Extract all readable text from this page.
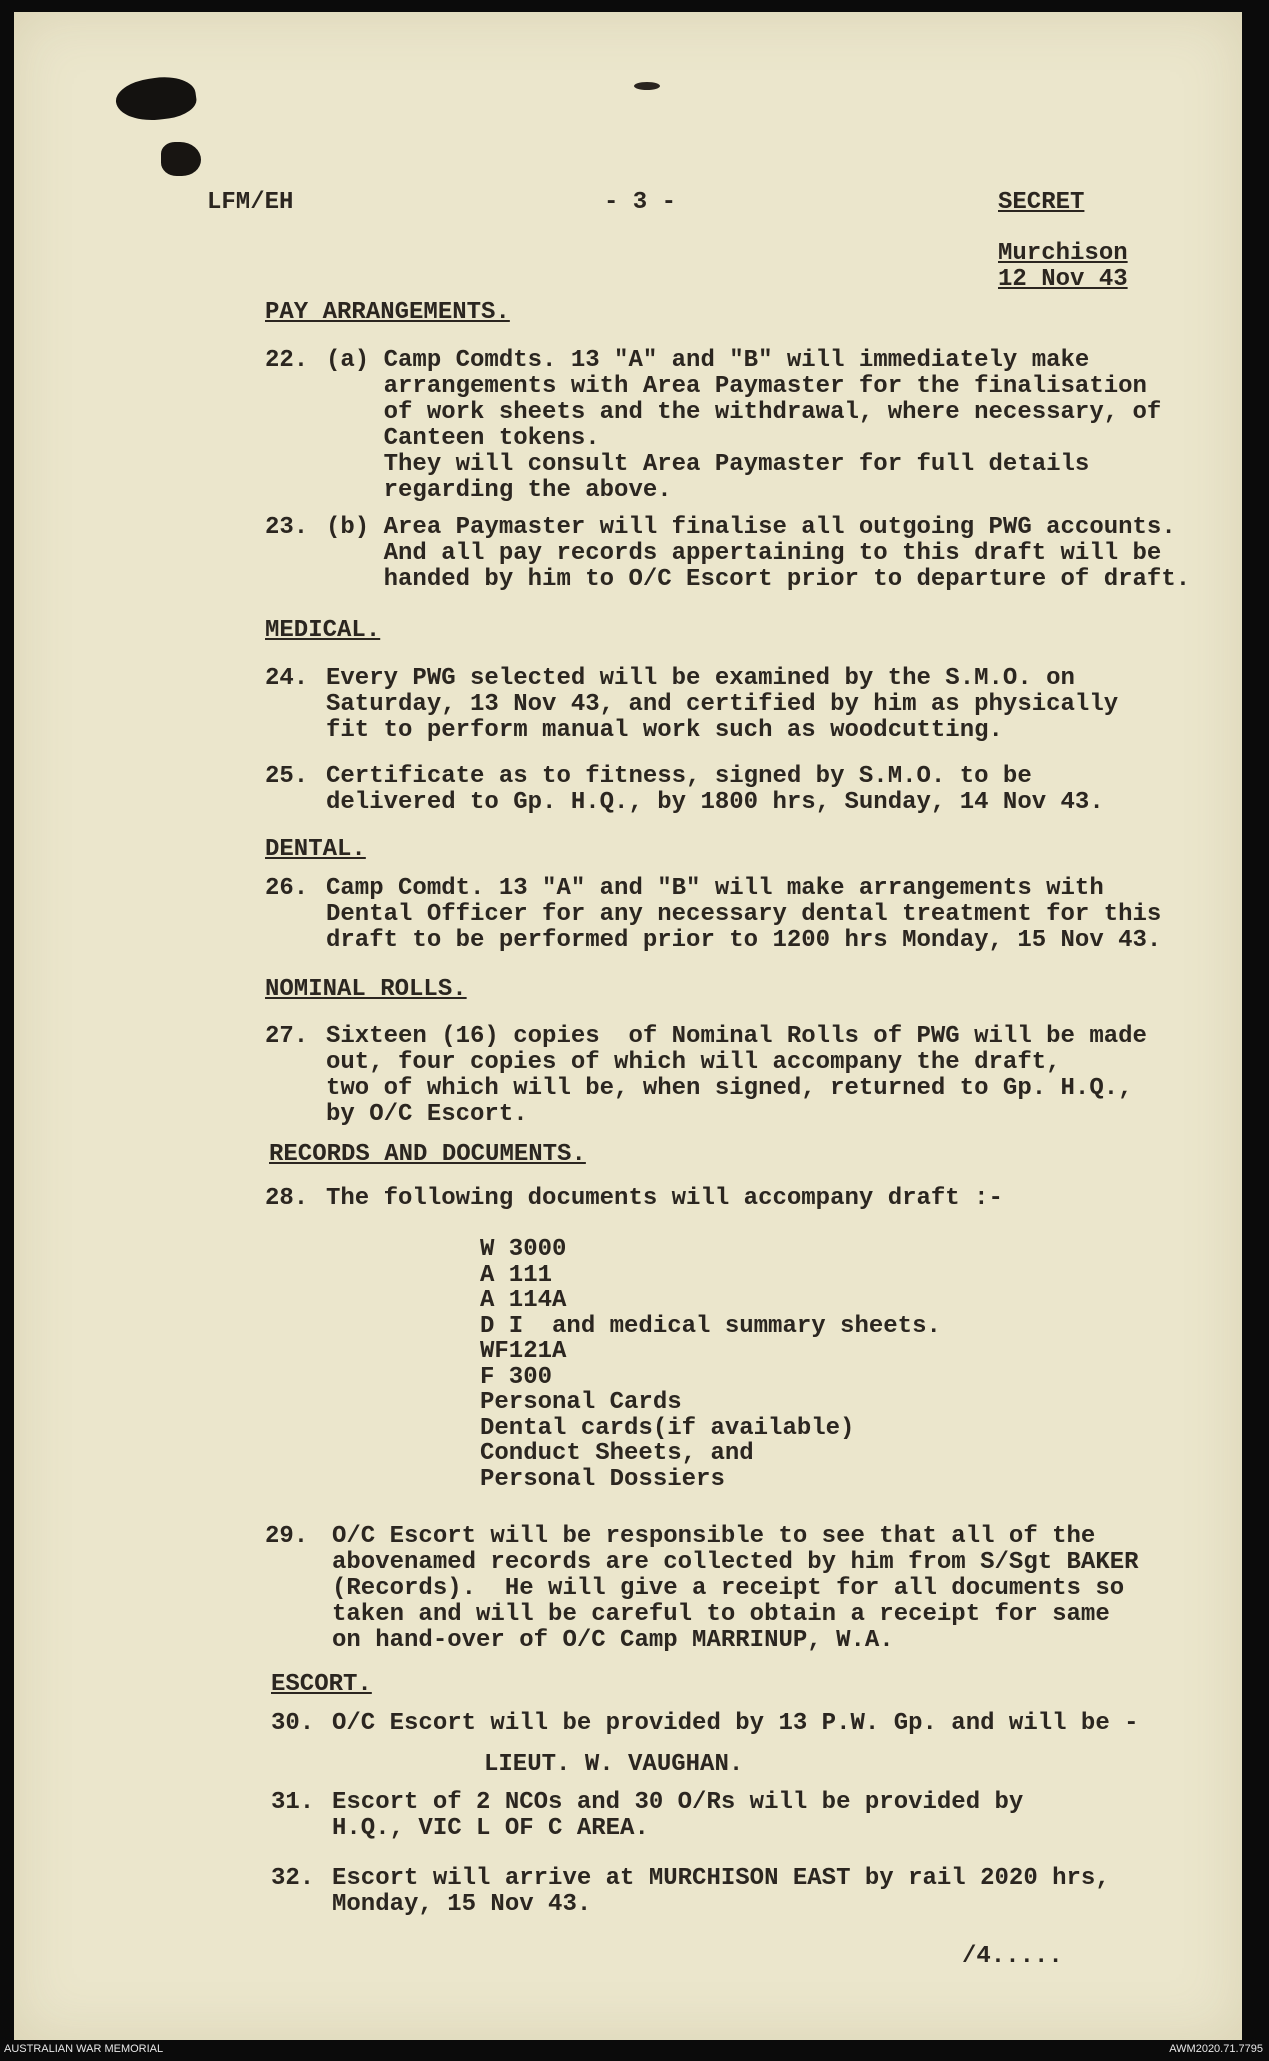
LFM/EH	- 3 -	SECRET
Murchison
12 Nov 43
PAY ARRANGEMENTS.
22. (a) Camp Comdts. 13 "A" and "B" will immediately make
arrangements with Area Paymaster for the finalisation
of work sheets and the withdrawal, where necessary, of
Canteen tokens.
They will consult Area Paymaster for full details
regarding the above.
23. (b) Area Paymaster will finalise all outgoing PWG accounts.
And all pay records appertaining to this draft will be
handed by him to O/C Escort prior to departure of draft.
MEDICAL.
24. Every PWG selected will be examined by the S.M.O. on
Saturday, 13 Nov 43, and certified by him as physically
fit to perform manual work such as woodcutting.
25. Certificate as to fitness, signed by S.M.O. to be
delivered to Gp. H.Q., by 1800 hrs, Sunday, 14 Nov 43.
DENTAL.
26. Camp Comdt. 13 "A" and "B" will make arrangements with
Dental Officer for any necessary dental treatment for this
draft to be performed prior to 1200 hrs Monday, 15 Nov 43.
NOMINAL ROLLS.
27. Sixteen (16) copies  of Nominal Rolls of PWG will be made
out, four copies of which will accompany the draft,
two of which will be, when signed, returned to Gp. H.Q.,
by O/C Escort.
RECORDS AND DOCUMENTS.
28. The following documents will accompany draft :-
W 3000
A 111
A 114A
D I  and medical summary sheets.
WF121A
F 300
Personal Cards
Dental cards(if available)
Conduct Sheets, and
Personal Dossiers
29. O/C Escort will be responsible to see that all of the
abovenamed records are collected by him from S/Sgt BAKER
(Records).  He will give a receipt for all documents so
taken and will be careful to obtain a receipt for same
on hand-over of O/C Camp MARRINUP, W.A.
ESCORT.
30. O/C Escort will be provided by 13 P.W. Gp. and will be -
LIEUT. W. VAUGHAN.
31. Escort of 2 NCOs and 30 O/Rs will be provided by
H.Q., VIC L OF C AREA.
32. Escort will arrive at MURCHISON EAST by rail 2020 hrs,
Monday, 15 Nov 43.
/4.....
AUSTRALIAN WAR MEMORIAL	AWM2020.71.7795
